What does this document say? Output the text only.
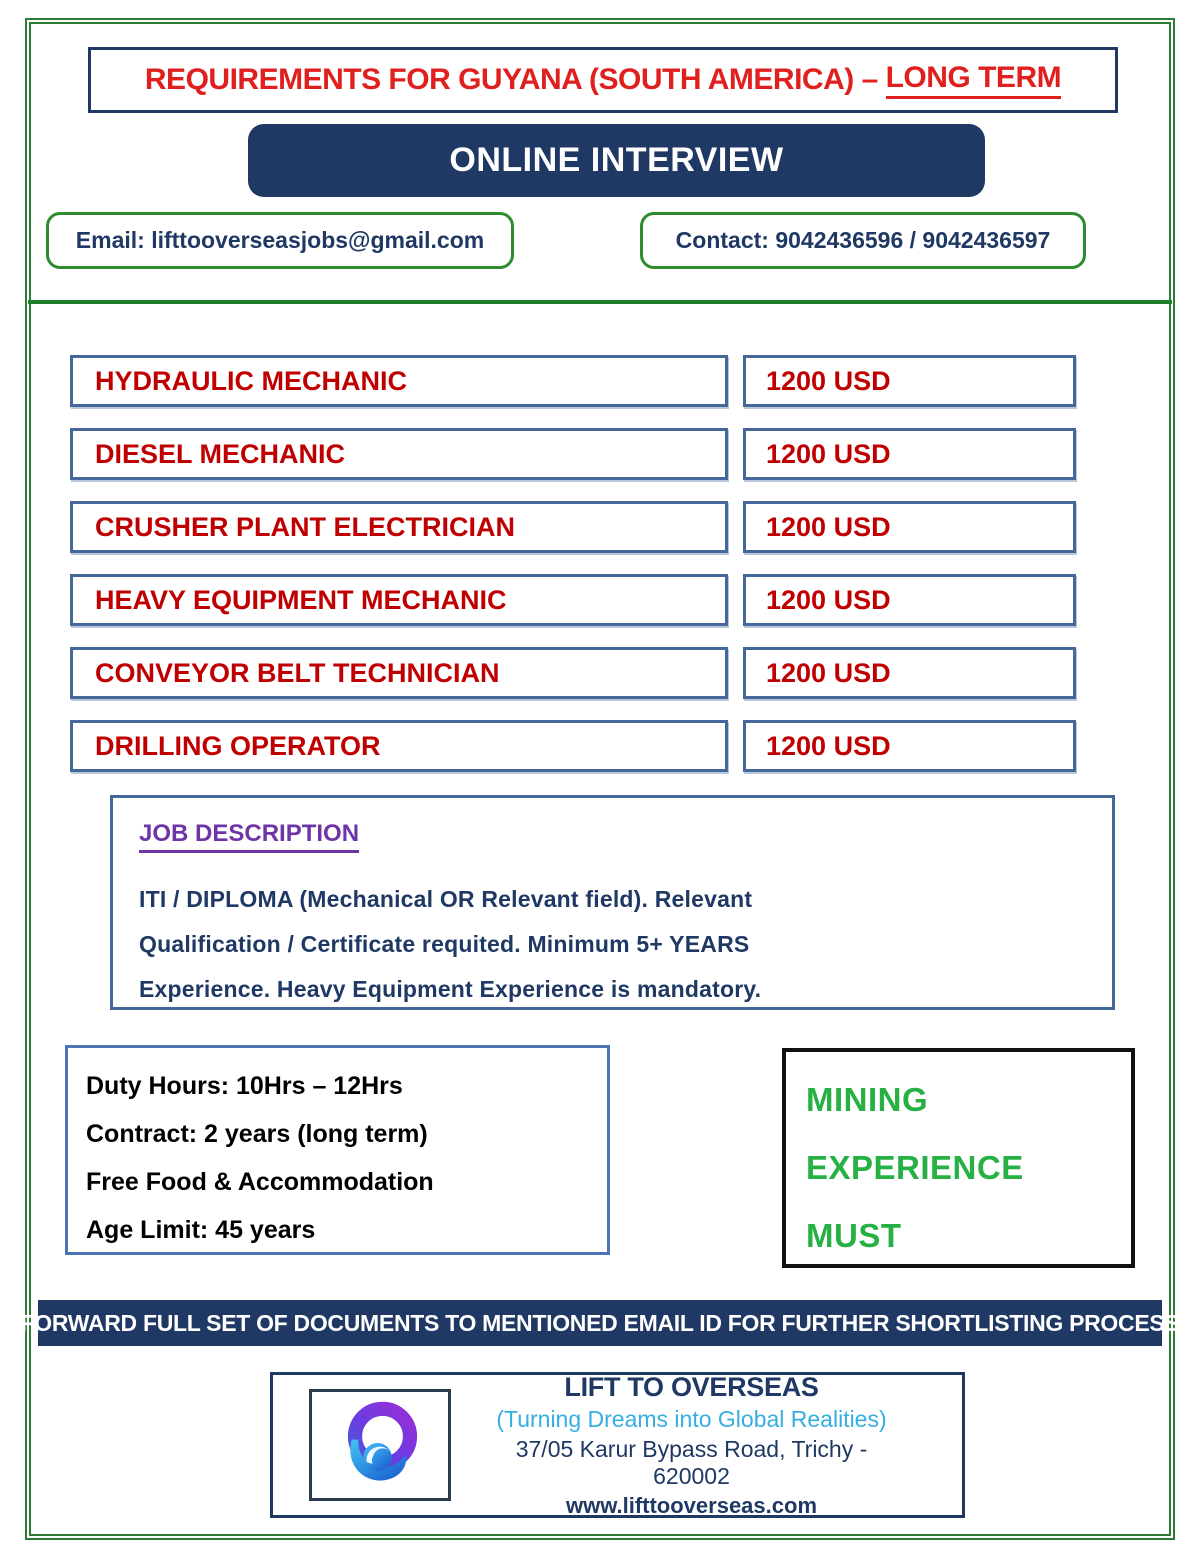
REQUIREMENTS FOR GUYANA (SOUTH AMERICA) – LONG TERM
ONLINE INTERVIEW
Email: lifttooverseasjobs@gmail.com	Contact: 9042436596 / 9042436597
HYDRAULIC MECHANIC	1200 USD
DIESEL MECHANIC	1200 USD
CRUSHER PLANT ELECTRICIAN	1200 USD
HEAVY EQUIPMENT MECHANIC	1200 USD
CONVEYOR BELT TECHNICIAN	1200 USD
DRILLING OPERATOR	1200 USD
JOB DESCRIPTION
ITI / DIPLOMA (Mechanical OR Relevant field). Relevant
Qualification / Certificate requited. Minimum 5+ YEARS
Experience. Heavy Equipment Experience is mandatory.
Duty Hours: 10Hrs – 12Hrs
Contract: 2 years (long term)
Free Food & Accommodation
Age Limit: 45 years
MINING
EXPERIENCE
MUST
FORWARD FULL SET OF DOCUMENTS TO MENTIONED EMAIL ID FOR FURTHER SHORTLISTING PROCESS
LIFT TO OVERSEAS
(Turning Dreams into Global Realities)
37/05 Karur Bypass Road, Trichy - 620002
www.lifttooverseas.com
